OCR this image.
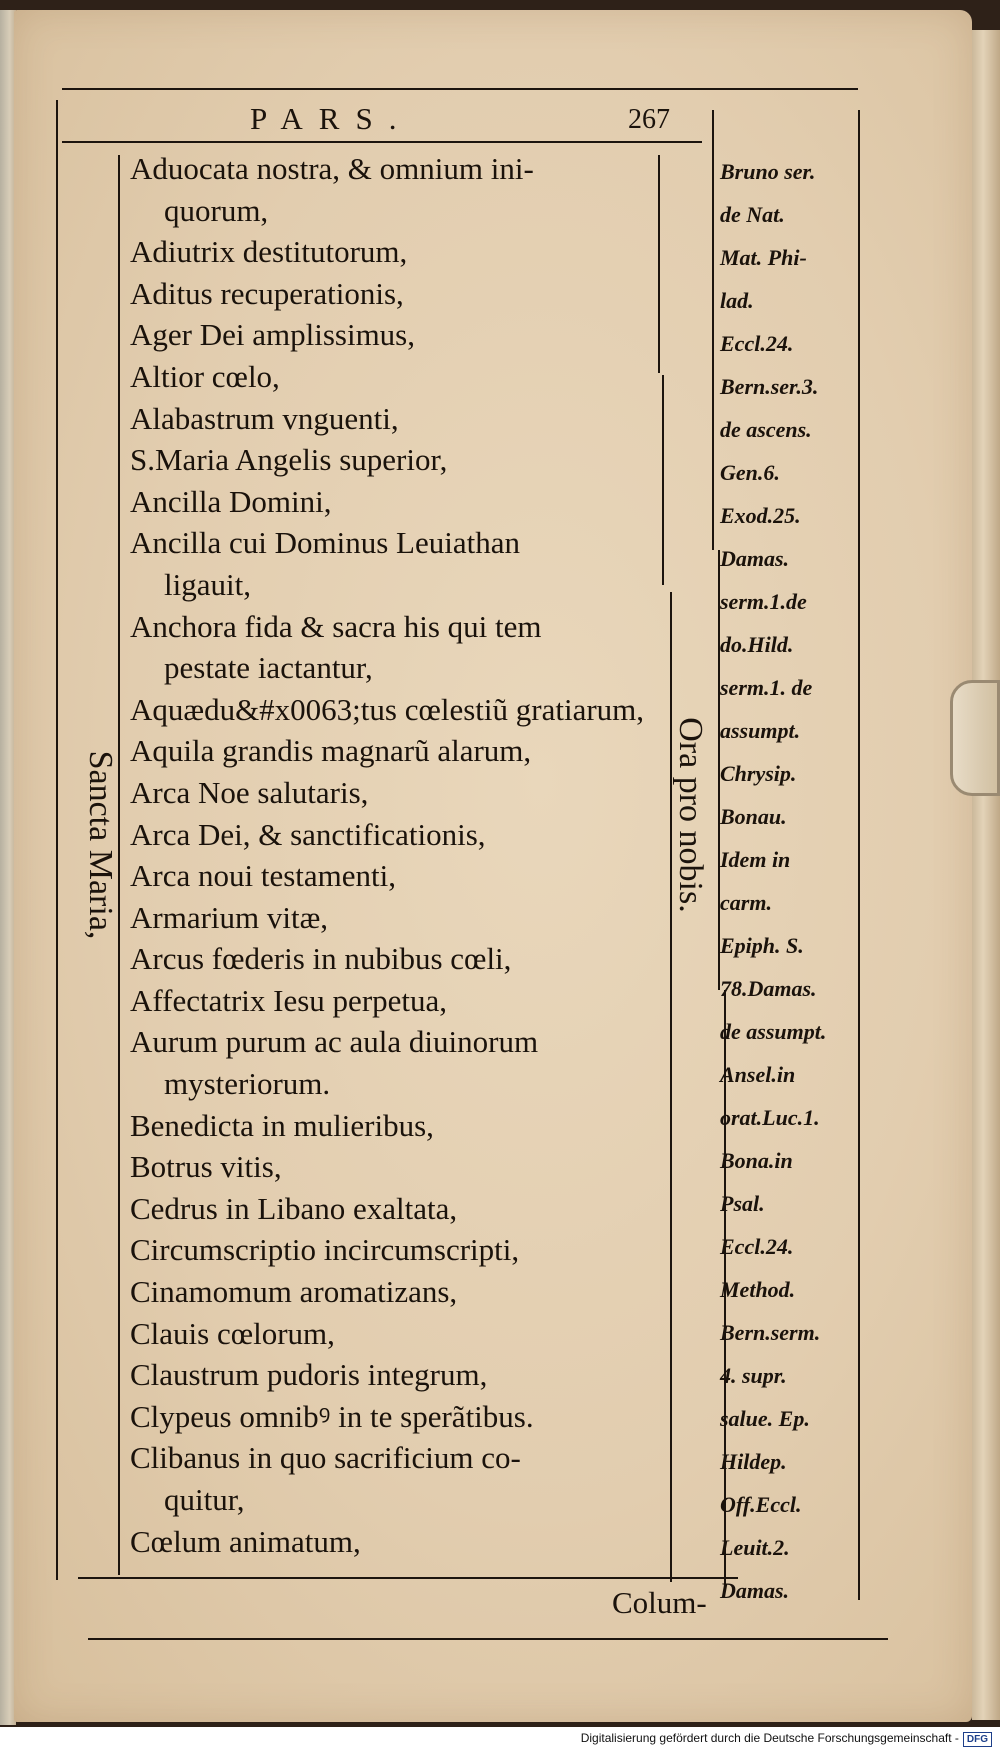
PARS.	267
Sancta Maria,	Ora pro nobis.
Aduocata nostra, & omnium ini-
quorum,
Adiutrix destitutorum,
Aditus recuperationis,
Ager Dei amplissimus,
Altior cœlo,
Alabastrum vnguenti,
S.Maria Angelis superior,
Ancilla Domini,
Ancilla cui Dominus Leuiathan
ligauit,
Anchora fida & sacra his qui tem
pestate iactantur,
Aquædu&#x0063;tus cœlestiũ gratiarum,
Aquila grandis magnarũ alarum,
Arca Noe salutaris,
Arca Dei, & sanctificationis,
Arca noui testamenti,
Armarium vitæ,
Arcus fœderis in nubibus cœli,
Affectatrix Iesu perpetua,
Aurum purum ac aula diuinorum
mysteriorum.
Benedicta in mulieribus,
Botrus vitis,
Cedrus in Libano exaltata,
Circumscriptio incircumscripti,
Cinamomum aromatizans,
Clauis cœlorum,
Claustrum pudoris integrum,
Clypeus omnibꝰ in te sperãtibus.
Clibanus in quo sacrificium co-
quitur,
Cœlum animatum,
Bruno ser.
de Nat.
Mat. Phi-
lad.
Eccl.24.
Bern.ser.3.
de ascens.
Gen.6.
Exod.25.
Damas.
serm.1.de
do.Hild.
serm.1. de
assumpt.
Chrysip.
Bonau.
Idem in
carm.
Epiph. S.
78.Damas.
de assumpt.
Ansel.in
orat.Luc.1.
Bona.in
Psal.
Eccl.24.
Method.
Bern.serm.
4. supr.
salue. Ep.
Hildep.
Off.Eccl.
Leuit.2.
Damas.
Colum-
Digitalisierung gefördert durch die Deutsche Forschungsgemeinschaft - DFG
